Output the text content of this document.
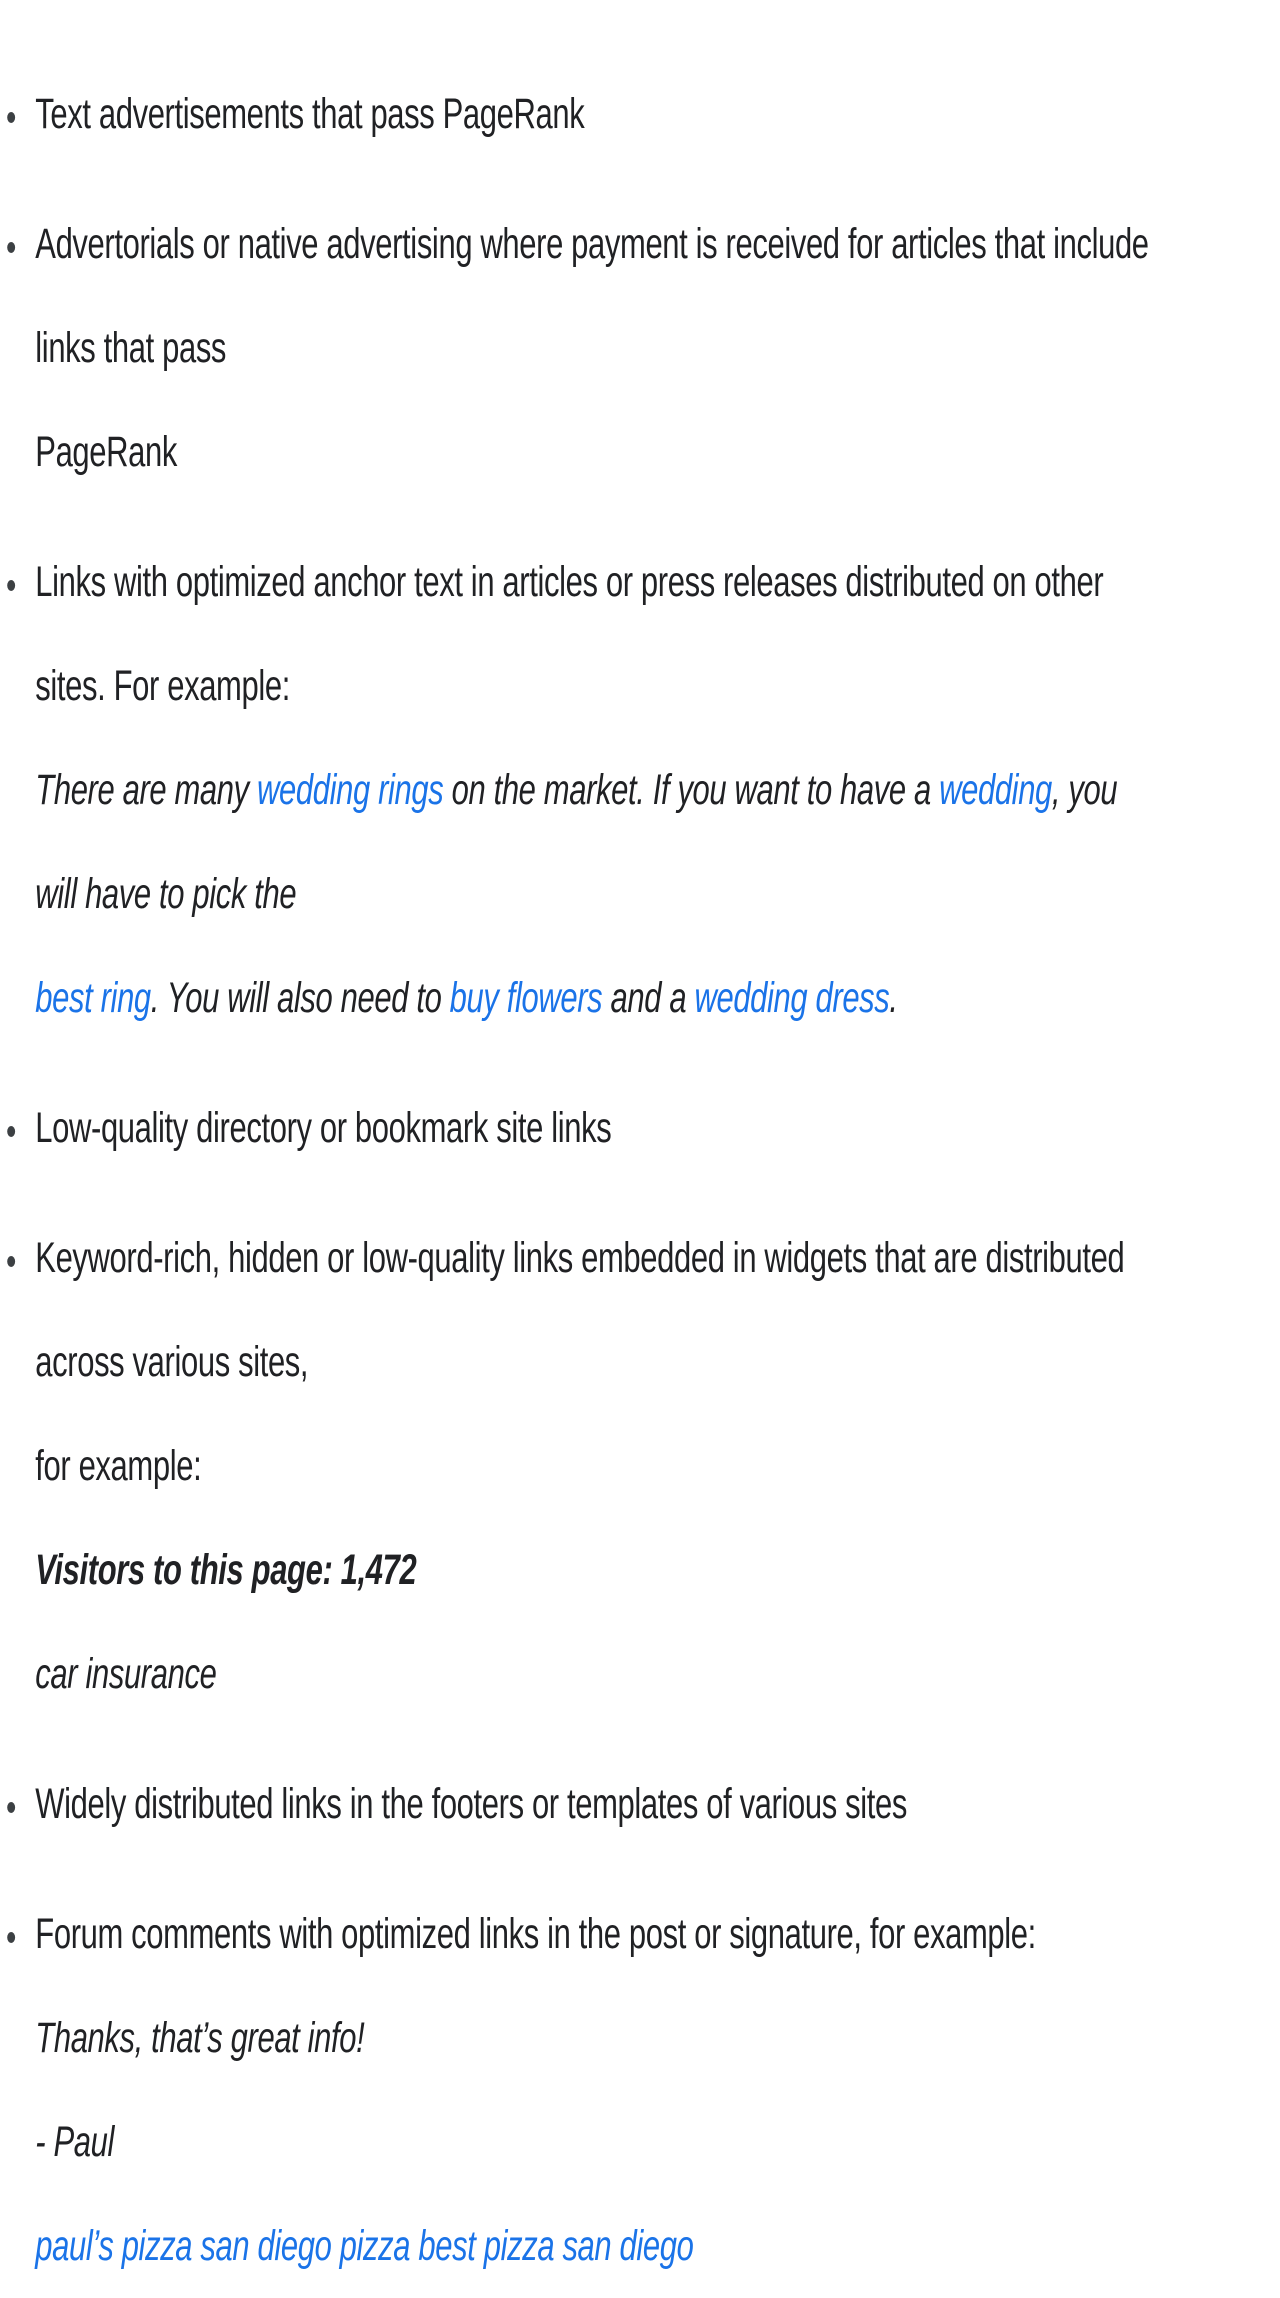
Text advertisements that pass PageRank
Advertorials or native advertising where payment is received for articles that include links that pass
PageRank
Links with optimized anchor text in articles or press releases distributed on other sites. For example:
There are many wedding rings on the market. If you want to have a wedding, you will have to pick the
best ring. You will also need to buy flowers and a wedding dress.
Low-quality directory or bookmark site links
Keyword-rich, hidden or low-quality links embedded in widgets that are distributed across various sites,
for example:
Visitors to this page: 1,472
car insurance
Widely distributed links in the footers or templates of various sites
Forum comments with optimized links in the post or signature, for example:
Thanks, that’s great info!
- Paul
paul’s pizza san diego pizza best pizza san diego
